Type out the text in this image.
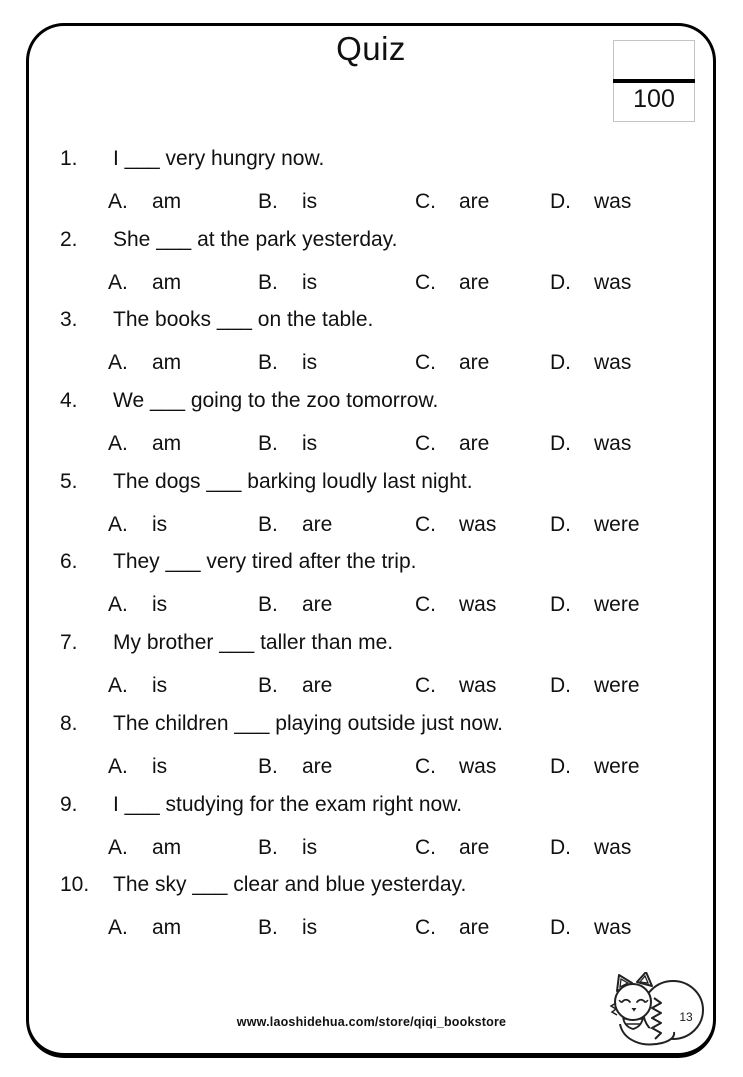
Quiz
100
1. I ___ very hungry now.
A. am	B. is	C. are	D. was
2. She ___ at the park yesterday.
A. am	B. is	C. are	D. was
3. The books ___ on the table.
A. am	B. is	C. are	D. was
4. We ___ going to the zoo tomorrow.
A. am	B. is	C. are	D. was
5. The dogs ___ barking loudly last night.
A. is	B. are	C. was	D. were
6. They ___ very tired after the trip.
A. is	B. are	C. was	D. were
7. My brother ___ taller than me.
A. is	B. are	C. was	D. were
8. The children ___ playing outside just now.
A. is	B. are	C. was	D. were
9. I ___ studying for the exam right now.
A. am	B. is	C. are	D. was
10. The sky ___ clear and blue yesterday.
A. am	B. is	C. are	D. was
www.laoshidehua.com/store/qiqi_bookstore	13
